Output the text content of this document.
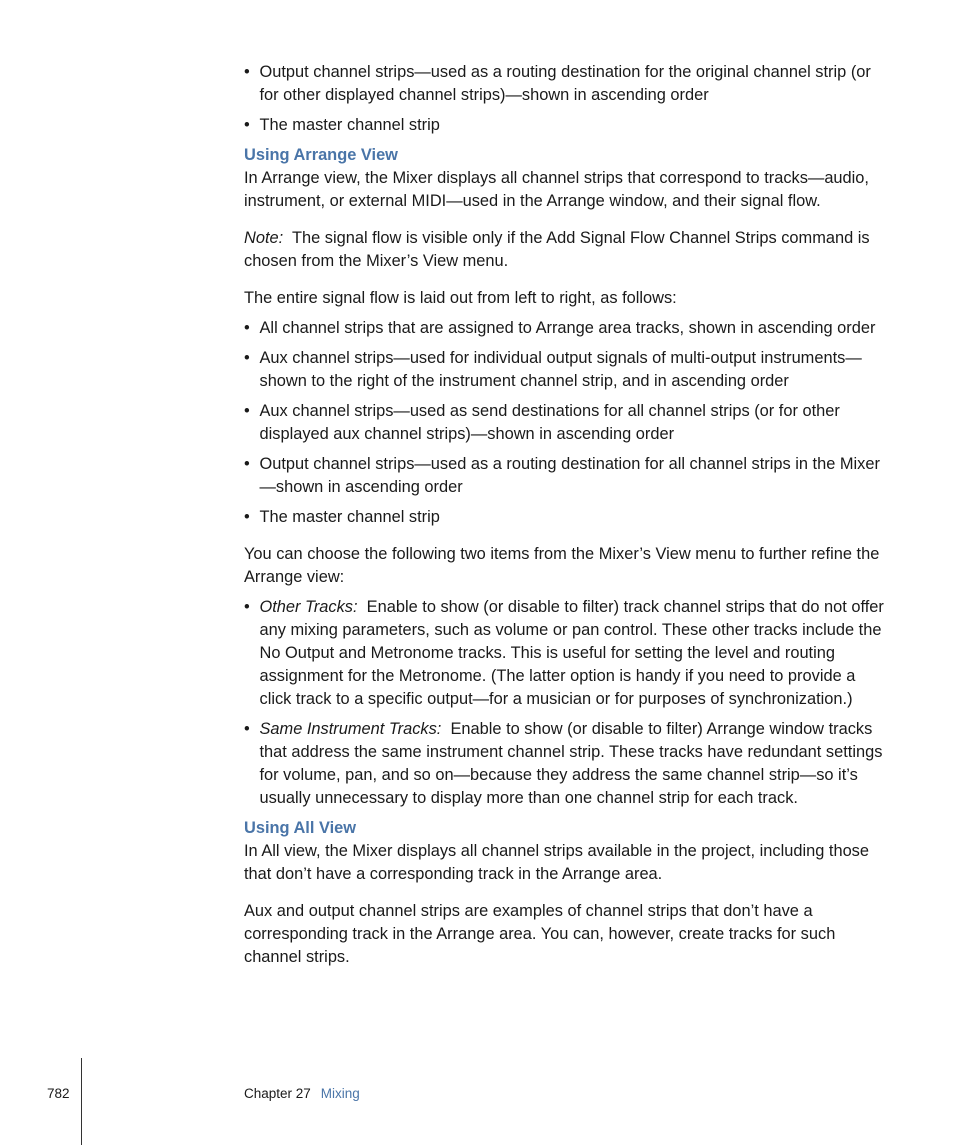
• Output channel strips—used as a routing destination for the original channel strip (or for other displayed channel strips)—shown in ascending order
• The master channel strip
Using Arrange View

In Arrange view, the Mixer displays all channel strips that correspond to tracks—audio, instrument, or external MIDI—used in the Arrange window, and their signal flow.

Note: The signal flow is visible only if the Add Signal Flow Channel Strips command is chosen from the Mixer’s View menu.

The entire signal flow is laid out from left to right, as follows:

• All channel strips that are assigned to Arrange area tracks, shown in ascending order
• Aux channel strips—used for individual output signals of multi-output instruments—shown to the right of the instrument channel strip, and in ascending order
• Aux channel strips—used as send destinations for all channel strips (or for other displayed aux channel strips)—shown in ascending order
• Output channel strips—used as a routing destination for all channel strips in the Mixer—shown in ascending order
• The master channel strip

You can choose the following two items from the Mixer’s View menu to further refine the Arrange view:

• Other Tracks: Enable to show (or disable to filter) track channel strips that do not offer any mixing parameters, such as volume or pan control. These other tracks include the No Output and Metronome tracks. This is useful for setting the level and routing assignment for the Metronome. (The latter option is handy if you need to provide a click track to a specific output—for a musician or for purposes of synchronization.)
• Same Instrument Tracks: Enable to show (or disable to filter) Arrange window tracks that address the same instrument channel strip. These tracks have redundant settings for volume, pan, and so on—because they address the same channel strip—so it’s usually unnecessary to display more than one channel strip for each track.
Using All View

In All view, the Mixer displays all channel strips available in the project, including those that don’t have a corresponding track in the Arrange area.

Aux and output channel strips are examples of channel strips that don’t have a corresponding track in the Arrange area. You can, however, create tracks for such channel strips.

782	Chapter 27 Mixing
